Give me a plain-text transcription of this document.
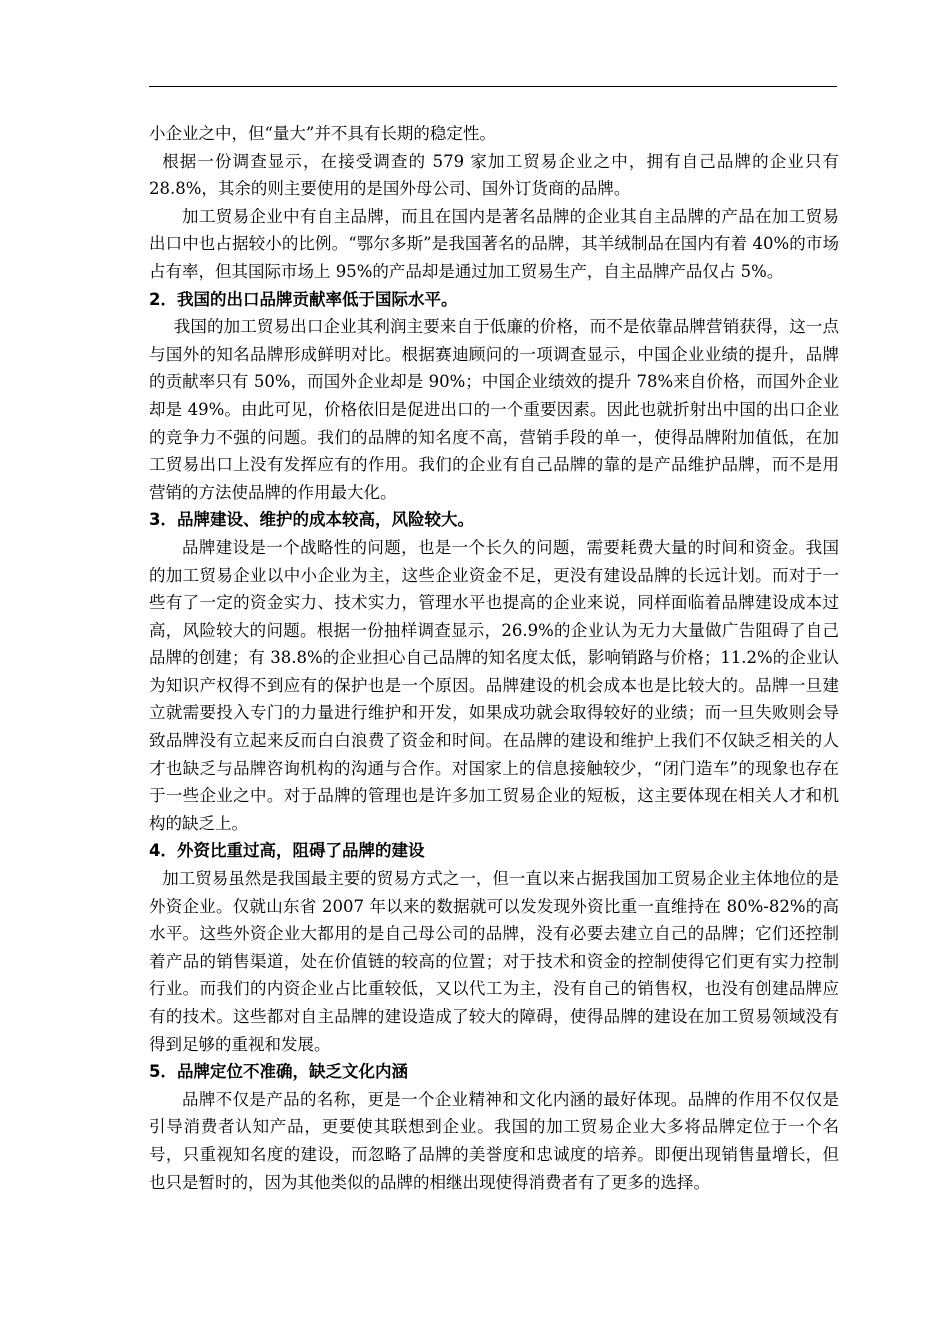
小企业之中，但“量大”并不具有长期的稳定性。

根据一份调查显示，在接受调查的 579 家加工贸易企业之中，拥有自己品牌的企业只有 28.8%，其余的则主要使用的是国外母公司、国外订货商的品牌。

加工贸易企业中有自主品牌，而且在国内是著名品牌的企业其自主品牌的产品在加工贸易出口中也占据较小的比例。“鄂尔多斯”是我国著名的品牌，其羊绒制品在国内有着 40%的市场占有率，但其国际市场上 95%的产品却是通过加工贸易生产，自主品牌产品仅占 5%。

2．我国的出口品牌贡献率低于国际水平。

我国的加工贸易出口企业其利润主要来自于低廉的价格，而不是依靠品牌营销获得，这一点与国外的知名品牌形成鲜明对比。根据赛迪顾问的一项调查显示，中国企业业绩的提升，品牌的贡献率只有 50%，而国外企业却是 90%；中国企业绩效的提升 78%来自价格，而国外企业却是 49%。由此可见，价格依旧是促进出口的一个重要因素。因此也就折射出中国的出口企业的竞争力不强的问题。我们的品牌的知名度不高，营销手段的单一，使得品牌附加值低，在加工贸易出口上没有发挥应有的作用。我们的企业有自己品牌的靠的是产品维护品牌，而不是用营销的方法使品牌的作用最大化。

3．品牌建设、维护的成本较高，风险较大。

品牌建设是一个战略性的问题，也是一个长久的问题，需要耗费大量的时间和资金。我国的加工贸易企业以中小企业为主，这些企业资金不足，更没有建设品牌的长远计划。而对于一些有了一定的资金实力、技术实力，管理水平也提高的企业来说，同样面临着品牌建设成本过高，风险较大的问题。根据一份抽样调查显示，26.9%的企业认为无力大量做广告阻碍了自己品牌的创建；有 38.8%的企业担心自己品牌的知名度太低，影响销路与价格；11.2%的企业认为知识产权得不到应有的保护也是一个原因。品牌建设的机会成本也是比较大的。品牌一旦建立就需要投入专门的力量进行维护和开发，如果成功就会取得较好的业绩；而一旦失败则会导致品牌没有立起来反而白白浪费了资金和时间。在品牌的建设和维护上我们不仅缺乏相关的人才也缺乏与品牌咨询机构的沟通与合作。对国家上的信息接触较少，“闭门造车”的现象也存在于一些企业之中。对于品牌的管理也是许多加工贸易企业的短板，这主要体现在相关人才和机构的缺乏上。

4．外资比重过高，阻碍了品牌的建设

加工贸易虽然是我国最主要的贸易方式之一，但一直以来占据我国加工贸易企业主体地位的是外资企业。仅就山东省 2007 年以来的数据就可以发发现外资比重一直维持在 80%-82%的高水平。这些外资企业大都用的是自己母公司的品牌，没有必要去建立自己的品牌；它们还控制着产品的销售渠道，处在价值链的较高的位置；对于技术和资金的控制使得它们更有实力控制行业。而我们的内资企业占比重较低，又以代工为主，没有自己的销售权，也没有创建品牌应有的技术。这些都对自主品牌的建设造成了较大的障碍，使得品牌的建设在加工贸易领域没有得到足够的重视和发展。

5．品牌定位不准确，缺乏文化内涵

品牌不仅是产品的名称，更是一个企业精神和文化内涵的最好体现。品牌的作用不仅仅是引导消费者认知产品，更要使其联想到企业。我国的加工贸易企业大多将品牌定位于一个名号，只重视知名度的建设，而忽略了品牌的美誉度和忠诚度的培养。即便出现销售量增长，但也只是暂时的，因为其他类似的品牌的相继出现使得消费者有了更多的选择。
